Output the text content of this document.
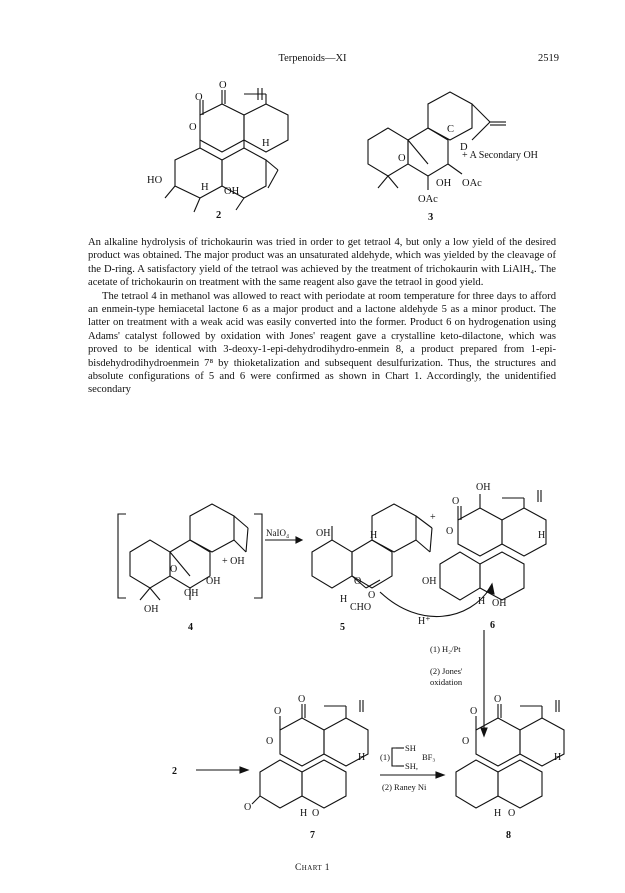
Terpenoids—XI	2519
O
O
O
H
HO
H OH
2
C
D
O
OAc
OH
OAc
+ A Secondary OH
3

An alkaline hydrolysis of trichokaurin was tried in order to get tetraol 4, but only a low yield of the desired product was obtained. The major product was an unsaturated aldehyde, which was yielded by the cleavage of the D-ring. A satisfactory yield of the tetraol was achieved by the treatment of trichokaurin with LiAlH₄. The acetate of trichokaurin on treatment with the same reagent also gave the tetraol in good yield.

The tetraol 4 in methanol was allowed to react with periodate at room temperature for three days to afford an enmein-type hemiacetal lactone 6 as a major product and a lactone aldehyde 5 as a minor product. The latter on treatment with a weak acid was easily converted into the former. Product 6 on hydrogenation using Adams' catalyst followed by oxidation with Jones' reagent gave a crystalline keto-dilactone, which was proved to be identical with 3-deoxy-1-epi-dehydrodihydro-enmein 8, a product prepared from 1-epi-bisdehydrodihydroenmein 7⁸ by thioketalization and subsequent desulfurization. Thus, the structures and absolute configurations of 5 and 6 were confirmed as shown in Chart 1. Accordingly, the unidentified secondary

O
OH
OH
OH
+ OH
4
NaIO₄	OH	H
O
O
H
CHO
OH
+
5
H⁺
OH
O
O	H
H OH
6
(1) H₂/Pt
(2) Jones'
oxidation
2
O
O
O
H
O
H O
7
SH
SH,
BF₃
(1)
(2) Raney Ni
O
O
O
H
H O
8
Chart 1
